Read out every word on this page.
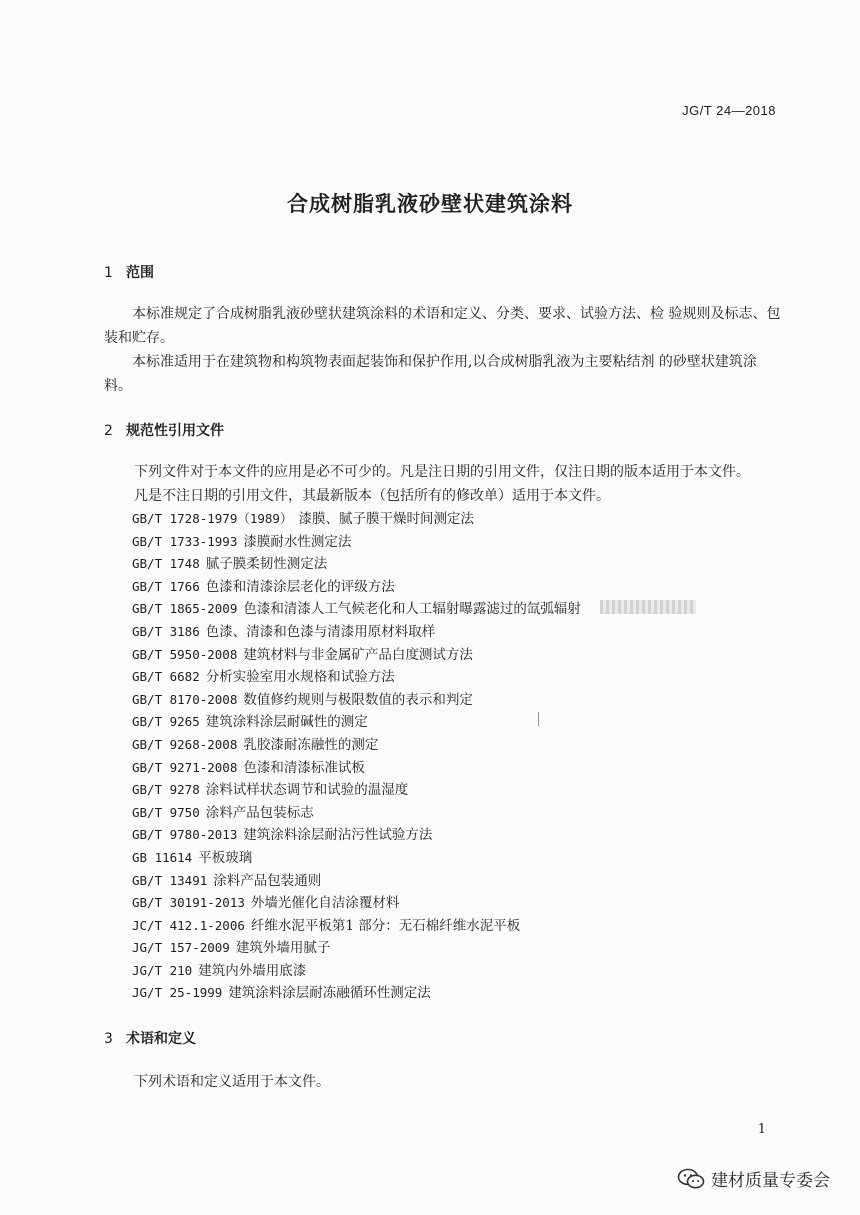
JG/T 24—2018
合成树脂乳液砂壁状建筑涂料
1 范围
本标准规定了合成树脂乳液砂壁状建筑涂料的术语和定义、分类、要求、试验方法、检 验规则及标志、包装和贮存。
本标准适用于在建筑物和构筑物表面起装饰和保护作用,以合成树脂乳液为主要粘结剂 的砂壁状建筑涂料。
2 规范性引用文件
下列文件对于本文件的应用是必不可少的。凡是注日期的引用文件，仅注日期的版本适用于本文件。凡是不注日期的引用文件，其最新版本（包括所有的修改单）适用于本文件。
GB/T 1728-1979（1989） 漆膜、腻子膜干燥时间测定法
GB/T 1733-1993 漆膜耐水性测定法
GB/T 1748 腻子膜柔韧性测定法
GB/T 1766 色漆和清漆涂层老化的评级方法
GB/T 1865-2009 色漆和清漆人工气候老化和人工辐射曝露滤过的氙弧辐射
GB/T 3186 色漆、清漆和色漆与清漆用原材料取样
GB/T 5950-2008 建筑材料与非金属矿产品白度测试方法
GB/T 6682 分析实验室用水规格和试验方法
GB/T 8170-2008 数值修约规则与极限数值的表示和判定
GB/T 9265 建筑涂料涂层耐碱性的测定
GB/T 9268-2008 乳胶漆耐冻融性的测定
GB/T 9271-2008 色漆和清漆标准试板
GB/T 9278 涂料试样状态调节和试验的温湿度
GB/T 9750 涂料产品包装标志
GB/T 9780-2013 建筑涂料涂层耐沾污性试验方法
GB 11614 平板玻璃
GB/T 13491 涂料产品包装通则
GB/T 30191-2013 外墙光催化自洁涂覆材料
JC/T 412.1-2006 纤维水泥平板第1 部分：无石棉纤维水泥平板
JG/T 157-2009 建筑外墙用腻子
JG/T 210 建筑内外墙用底漆
JG/T 25-1999 建筑涂料涂层耐冻融循环性测定法
3 术语和定义
下列术语和定义适用于本文件。
1
建材质量专委会
